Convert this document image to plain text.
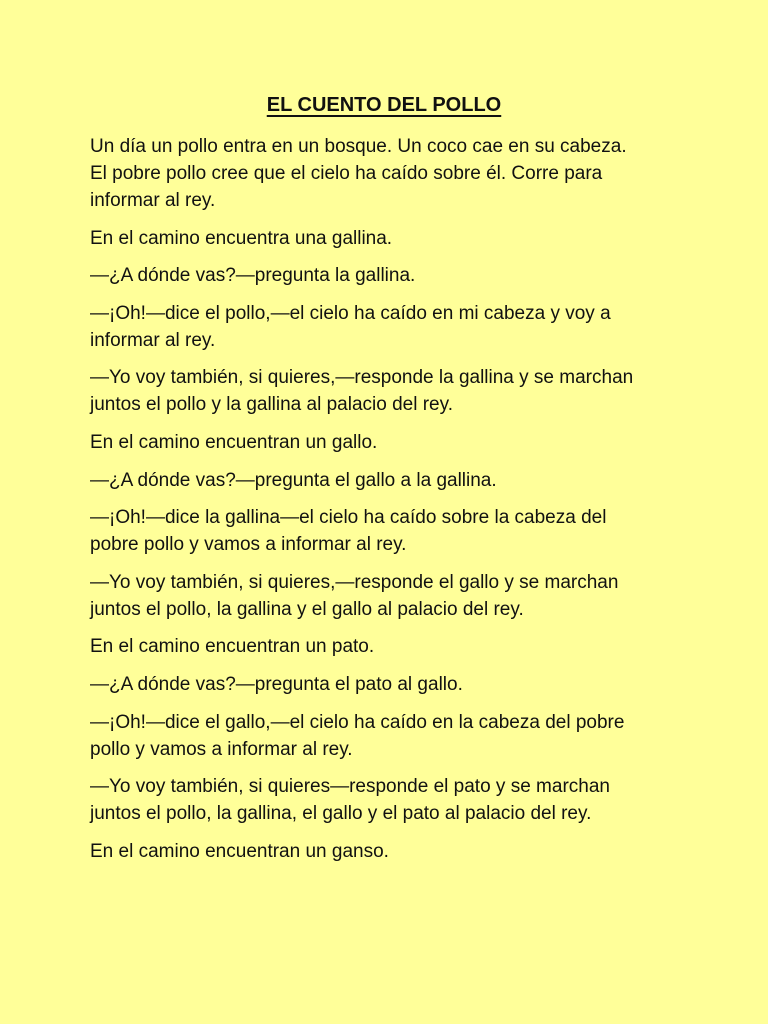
EL CUENTO DEL POLLO

Un día un pollo entra en un bosque. Un coco cae en su cabeza.
El pobre pollo cree que el cielo ha caído sobre él. Corre para
informar al rey.

En el camino encuentra una gallina.

—¿A dónde vas?—pregunta la gallina.

—¡Oh!—dice el pollo,—el cielo ha caído en mi cabeza y voy a
informar al rey.

—Yo voy también, si quieres,—responde la gallina y se marchan
juntos el pollo y la gallina al palacio del rey.

En el camino encuentran un gallo.

—¿A dónde vas?—pregunta el gallo a la gallina.

—¡Oh!—dice la gallina—el cielo ha caído sobre la cabeza del
pobre pollo y vamos a informar al rey.

—Yo voy también, si quieres,—responde el gallo y se marchan
juntos el pollo, la gallina y el gallo al palacio del rey.

En el camino encuentran un pato.

—¿A dónde vas?—pregunta el pato al gallo.

—¡Oh!—dice el gallo,—el cielo ha caído en la cabeza del pobre
pollo y vamos a informar al rey.

—Yo voy también, si quieres—responde el pato y se marchan
juntos el pollo, la gallina, el gallo y el pato al palacio del rey.

En el camino encuentran un ganso.
